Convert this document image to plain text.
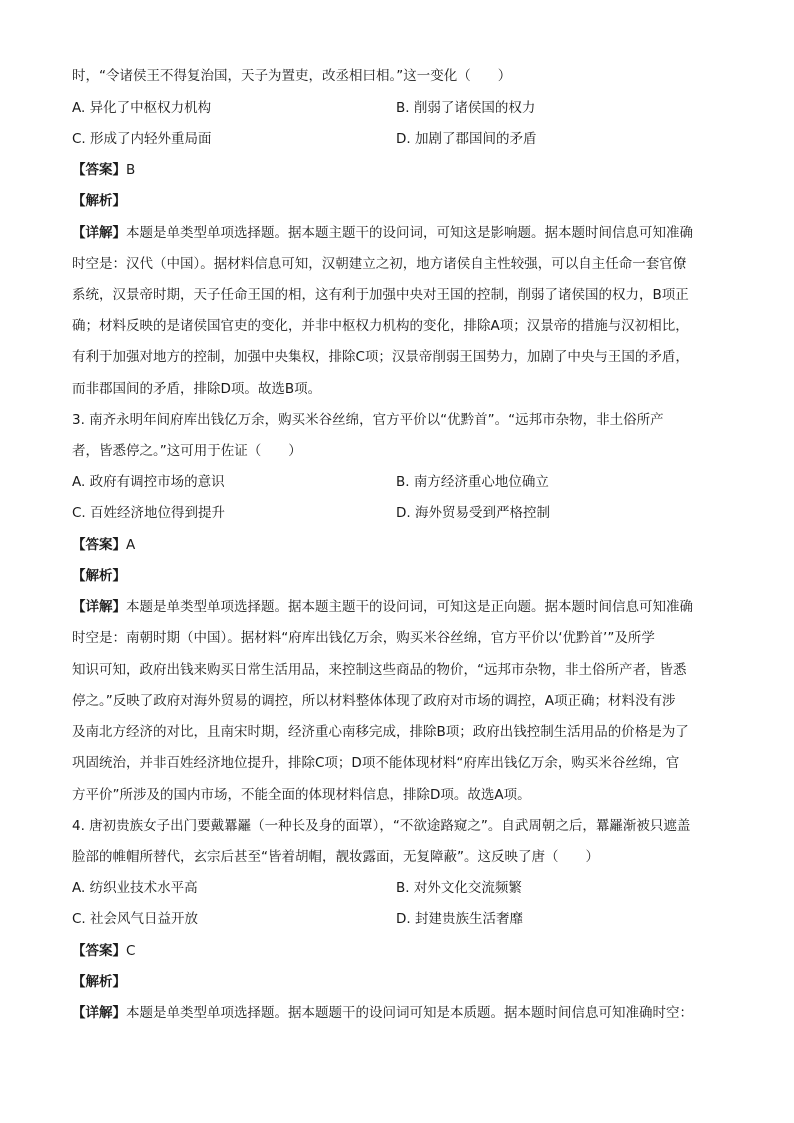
时，“令诸侯王不得复治国，天子为置吏，改丞相曰相。”这一变化（　　）
A. 异化了中枢权力机构	B. 削弱了诸侯国的权力
C. 形成了内轻外重局面	D. 加剧了郡国间的矛盾
【答案】B
【解析】
【详解】本题是单类型单项选择题。据本题主题干的设问词，可知这是影响题。据本题时间信息可知准确
时空是：汉代（中国）。据材料信息可知，汉朝建立之初，地方诸侯自主性较强，可以自主任命一套官僚
系统，汉景帝时期，天子任命王国的相，这有利于加强中央对王国的控制，削弱了诸侯国的权力，B项正
确；材料反映的是诸侯国官吏的变化，并非中枢权力机构的变化，排除A项；汉景帝的措施与汉初相比，
有利于加强对地方的控制，加强中央集权，排除C项；汉景帝削弱王国势力，加剧了中央与王国的矛盾，
而非郡国间的矛盾，排除D项。故选B项。
3. 南齐永明年间府库出钱亿万余，购买米谷丝绵，官方平价以“优黔首”。“远邦市杂物，非土俗所产
者，皆悉停之。”这可用于佐证（　　）
A. 政府有调控市场的意识	B. 南方经济重心地位确立
C. 百姓经济地位得到提升	D. 海外贸易受到严格控制
【答案】A
【解析】
【详解】本题是单类型单项选择题。据本题主题干的设问词，可知这是正向题。据本题时间信息可知准确
时空是：南朝时期（中国）。据材料“府库出钱亿万余，购买米谷丝绵，官方平价以‘优黔首’”及所学
知识可知，政府出钱来购买日常生活用品，来控制这些商品的物价，“远邦市杂物，非土俗所产者，皆悉
停之。”反映了政府对海外贸易的调控，所以材料整体体现了政府对市场的调控，A项正确；材料没有涉
及南北方经济的对比，且南宋时期，经济重心南移完成，排除B项；政府出钱控制生活用品的价格是为了
巩固统治，并非百姓经济地位提升，排除C项；D项不能体现材料“府库出钱亿万余，购买米谷丝绵，官
方平价”所涉及的国内市场，不能全面的体现材料信息，排除D项。故选A项。
4. 唐初贵族女子出门要戴羃䍦（一种长及身的面罩），“不欲途路窥之”。自武周朝之后，羃䍦渐被只遮盖
脸部的帷帽所替代，玄宗后甚至“皆着胡帽，靓妆露面，无复障蔽”。这反映了唐（　　）
A. 纺织业技术水平高	B. 对外文化交流频繁
C. 社会风气日益开放	D. 封建贵族生活奢靡
【答案】C
【解析】
【详解】本题是单类型单项选择题。据本题题干的设问词可知是本质题。据本题时间信息可知准确时空：
